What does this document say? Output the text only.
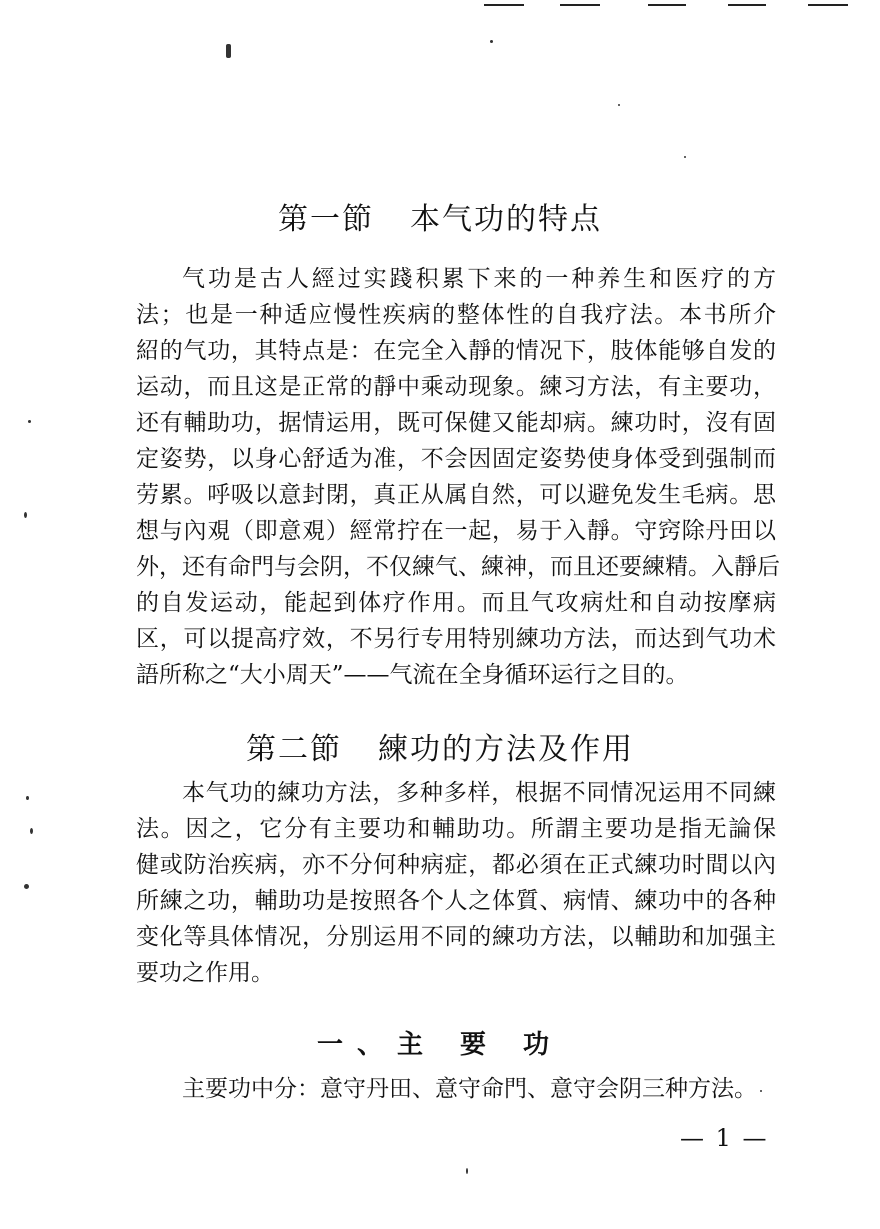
第一節 本气功的特点

气功是古人經过实踐积累下来的一种养生和医疗的方

法；也是一种适应慢性疾病的整体性的自我疗法。本书所介

紹的气功，其特点是：在完全入靜的情况下，肢体能够自发的

运动，而且这是正常的靜中乘动现象。練习方法，有主要功，

还有輔助功，据情运用，既可保健又能却病。練功时，沒有固

定姿势，以身心舒适为准，不会因固定姿势使身体受到强制而

劳累。呼吸以意封閉，真正从属自然，可以避免发生毛病。思

想与內覌（即意覌）經常拧在一起，易于入靜。守窍除丹田以

外，还有命門与会阴，不仅練气、練神，而且还要練精。入靜后

的自发运动，能起到体疗作用。而且气攻病灶和自动按摩病

区，可以提高疗效，不另行专用特别練功方法，而达到气功术

語所称之“大小周天”——气流在全身循环运行之目的。

第二節 練功的方法及作用

本气功的練功方法，多种多样，根据不同情况运用不同練

法。因之，它分有主要功和輔助功。所謂主要功是指无論保

健或防治疾病，亦不分何种病症，都必須在正式練功时間以內

所練之功，輔助功是按照各个人之体質、病情、練功中的各种

变化等具体情况，分別运用不同的練功方法，以輔助和加强主

要功之作用。

一、主 要 功

主要功中分：意守丹田、意守命門、意守会阴三种方法。

— 1 —
